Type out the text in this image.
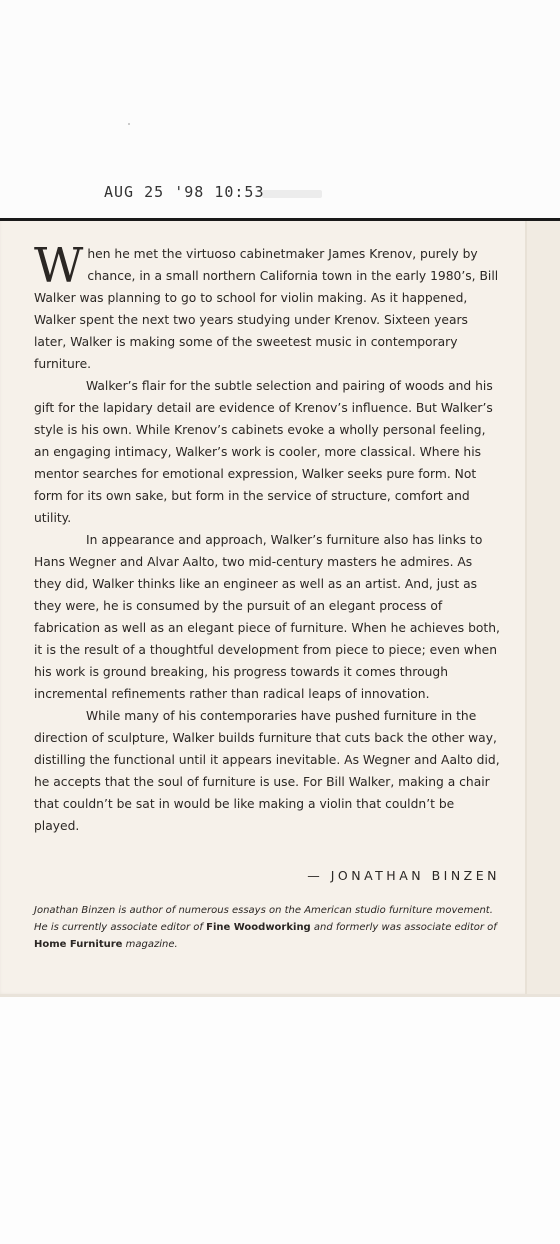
AUG 25 '98 10:53

When he met the virtuoso cabinetmaker James Krenov, purely by chance, in a small northern California town in the early 1980’s, Bill Walker was planning to go to school for violin making. As it happened, Walker spent the next two years studying under Krenov. Sixteen years later, Walker is making some of the sweetest music in contemporary furniture.

Walker’s flair for the subtle selection and pairing of woods and his gift for the lapidary detail are evidence of Krenov’s influence. But Walker’s style is his own. While Krenov’s cabinets evoke a wholly personal feeling, an engaging intimacy, Walker’s work is cooler, more classical. Where his mentor searches for emotional expression, Walker seeks pure form. Not form for its own sake, but form in the service of structure, comfort and utility.

In appearance and approach, Walker’s furniture also has links to Hans Wegner and Alvar Aalto, two mid-century masters he admires. As they did, Walker thinks like an engineer as well as an artist. And, just as they were, he is consumed by the pursuit of an elegant process of fabrication as well as an elegant piece of furniture. When he achieves both, it is the result of a thoughtful development from piece to piece; even when his work is ground breaking, his progress towards it comes through incremental refinements rather than radical leaps of innovation.

While many of his contemporaries have pushed furniture in the direction of sculpture, Walker builds furniture that cuts back the other way, distilling the functional until it appears inevitable. As Wegner and Aalto did, he accepts that the soul of furniture is use. For Bill Walker, making a chair that couldn’t be sat in would be like making a violin that couldn’t be played.

— JONATHAN BINZEN
Jonathan Binzen is author of numerous essays on the American studio furniture movement. He is currently associate editor of Fine Woodworking and formerly was associate editor of Home Furniture magazine.
